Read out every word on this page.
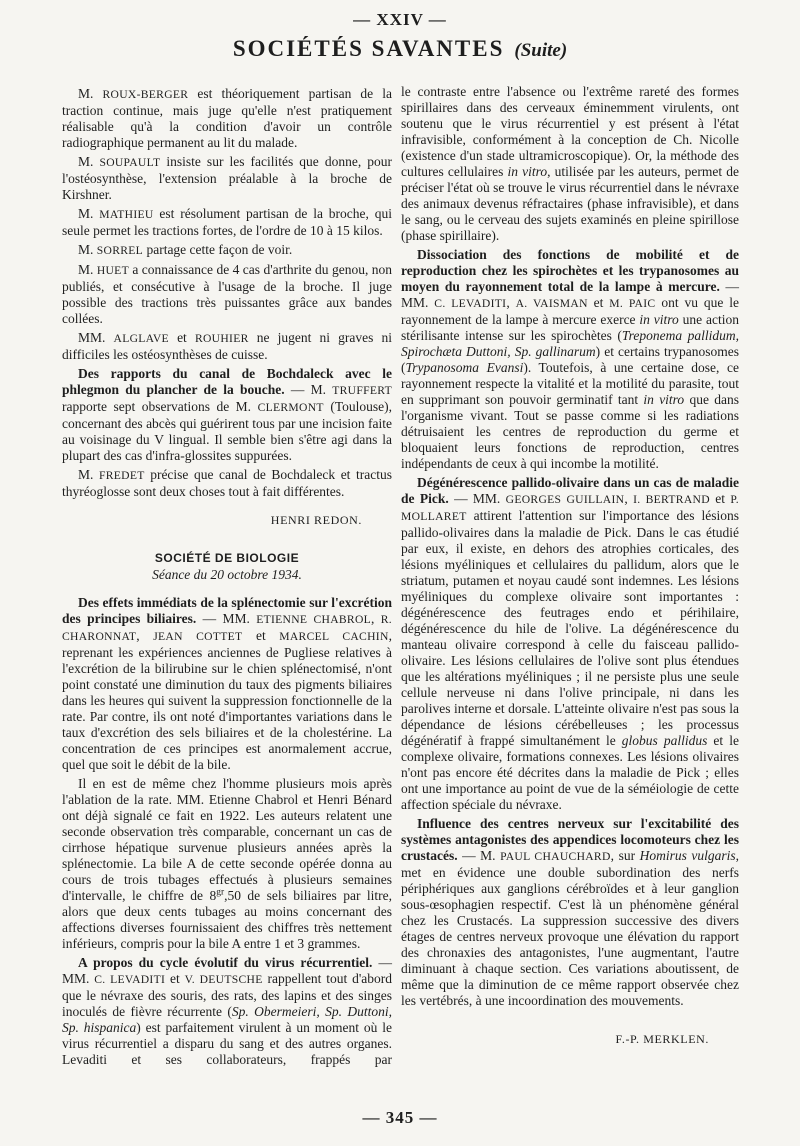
— XXIV —
SOCIÉTÉS SAVANTES (Suite)

M. ROUX-BERGER est théoriquement partisan de la traction continue, mais juge qu'elle n'est pratiquement réalisable qu'à la condition d'avoir un contrôle radiographique permanent au lit du malade.

M. SOUPAULT insiste sur les facilités que donne, pour l'ostéosynthèse, l'extension préalable à la broche de Kirshner.

M. MATHIEU est résolument partisan de la broche, qui seule permet les tractions fortes, de l'ordre de 10 à 15 kilos.

M. SORREL partage cette façon de voir.

M. HUET a connaissance de 4 cas d'arthrite du genou, non publiés, et consécutive à l'usage de la broche. Il juge possible des tractions très puissantes grâce aux bandes collées.

MM. ALGLAVE et ROUHIER ne jugent ni graves ni difficiles les ostéosynthèses de cuisse.

Des rapports du canal de Bochdaleck avec le phlegmon du plancher de la bouche. — M. TRUFFERT rapporte sept observations de M. CLERMONT (Toulouse), concernant des abcès qui guérirent tous par une incision faite au voisinage du V lingual. Il semble bien s'être agi dans la plupart des cas d'infra-glossites suppurées.

M. FREDET précise que canal de Bochdaleck et tractus thyréoglosse sont deux choses tout à fait différentes.

HENRI REDON.

SOCIÉTÉ DE BIOLOGIE

Séance du 20 octobre 1934.

Des effets immédiats de la splénectomie sur l'excrétion des principes biliaires. — MM. ETIENNE CHABROL, R. CHARONNAT, JEAN COTTET et MARCEL CACHIN, reprenant les expériences anciennes de Pugliese relatives à l'excrétion de la bilirubine sur le chien splénectomisé, n'ont point constaté une diminution du taux des pigments biliaires dans les heures qui suivent la suppression fonctionnelle de la rate. Par contre, ils ont noté d'importantes variations dans le taux d'excrétion des sels biliaires et de la cholestérine. La concentration de ces principes est anormalement accrue, quel que soit le débit de la bile.

Il en est de même chez l'homme plusieurs mois après l'ablation de la rate. MM. Etienne Chabrol et Henri Bénard ont déjà signalé ce fait en 1922. Les auteurs relatent une seconde observation très comparable, concernant un cas de cirrhose hépatique survenue plusieurs années après la splénectomie. La bile A de cette seconde opérée donna au cours de trois tubages effectués à plusieurs semaines d'intervalle, le chiffre de $8^{gr},50$ de sels biliaires par litre, alors que deux cents tubages au moins concernant des affections diverses fournissaient des chiffres très nettement inférieurs, compris pour la bile A entre 1 et 3 grammes.

A propos du cycle évolutif du virus récurrentiel. — MM. C. LEVADITI et V. DEUTSCHE rappellent tout d'abord que le névraxe des souris, des rats, des lapins et des singes inoculés de fièvre récurrente (Sp. Obermeieri, Sp. Duttoni, Sp. hispanica) est parfaitement virulent à un moment où le virus récurrentiel a disparu du sang et des autres organes. Levaditi et ses collaborateurs, frappés par

le contraste entre l'absence ou l'extrême rareté des formes spirillaires dans des cerveaux éminemment virulents, ont soutenu que le virus récurrentiel y est présent à l'état infravisible, conformément à la conception de Ch. Nicolle (existence d'un stade ultramicroscopique). Or, la méthode des cultures cellulaires in vitro, utilisée par les auteurs, permet de préciser l'état où se trouve le virus récurrentiel dans le névraxe des animaux devenus réfractaires (phase infravisible), et dans le sang, ou le cerveau des sujets examinés en pleine spirillose (phase spirillaire).

Dissociation des fonctions de mobilité et de reproduction chez les spirochètes et les trypanosomes au moyen du rayonnement total de la lampe à mercure. — MM. C. LEVADITI, A. VAISMAN et M. PAIC ont vu que le rayonnement de la lampe à mercure exerce in vitro une action stérilisante intense sur les spirochètes (Treponema pallidum, Spirochæta Duttoni, Sp. gallinarum) et certains trypanosomes (Trypanosoma Evansi). Toutefois, à une certaine dose, ce rayonnement respecte la vitalité et la motilité du parasite, tout en supprimant son pouvoir germinatif tant in vitro que dans l'organisme vivant. Tout se passe comme si les radiations détruisaient les centres de reproduction du germe et bloquaient leurs fonctions de reproduction, centres indépendants de ceux à qui incombe la motilité.

Dégénérescence pallido-olivaire dans un cas de maladie de Pick. — MM. GEORGES GUILLAIN, I. BERTRAND et P. MOLLARET attirent l'attention sur l'importance des lésions pallido-olivaires dans la maladie de Pick. Dans le cas étudié par eux, il existe, en dehors des atrophies corticales, des lésions myéliniques et cellulaires du pallidum, alors que le striatum, putamen et noyau caudé sont indemnes. Les lésions myéliniques du complexe olivaire sont importantes : dégénérescence des feutrages endo et périhilaire, dégénérescence du hile de l'olive. La dégénérescence du manteau olivaire correspond à celle du faisceau pallido-olivaire. Les lésions cellulaires de l'olive sont plus étendues que les altérations myéliniques ; il ne persiste plus une seule cellule nerveuse ni dans l'olive principale, ni dans les parolives interne et dorsale. L'atteinte olivaire n'est pas sous la dépendance de lésions cérébelleuses ; les processus dégénératif à frappé simultanément le globus pallidus et le complexe olivaire, formations connexes. Les lésions olivaires n'ont pas encore été décrites dans la maladie de Pick ; elles ont une importance au point de vue de la séméiologie de cette affection spéciale du névraxe.

Influence des centres nerveux sur l'excitabilité des systèmes antagonistes des appendices locomoteurs chez les crustacés. — M. PAUL CHAUCHARD, sur Homirus vulgaris, met en évidence une double subordination des nerfs périphériques aux ganglions cérébroïdes et à leur ganglion sous-œsophagien respectif. C'est là un phénomène général chez les Crustacés. La suppression successive des divers étages de centres nerveux provoque une élévation du rapport des chronaxies des antagonistes, l'une augmentant, l'autre diminuant à chaque section. Ces variations aboutissent, de même que la diminution de ce même rapport observée chez les vertébrés, à une incoordination des mouvements.

F.-P. MERKLEN.

— 345 —
